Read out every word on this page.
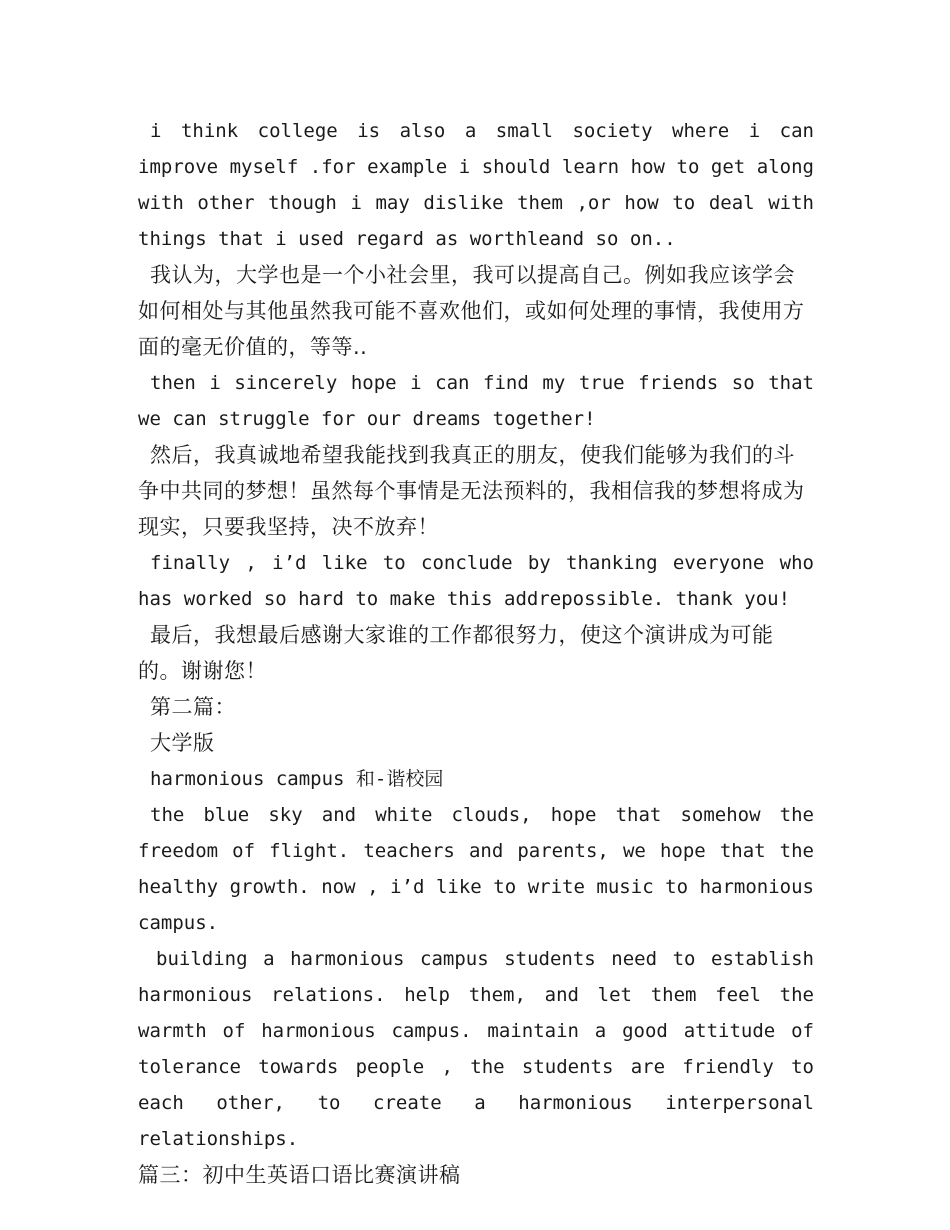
i think college is also a small society where i can improve myself .for example i should learn how to get along with other though i may dislike them ,or how to deal with things that i used regard as worthleand so on..

我认为，大学也是一个小社会里，我可以提高自己。例如我应该学会如何相处与其他虽然我可能不喜欢他们，或如何处理的事情，我使用方面的毫无价值的，等等..

then i sincerely hope i can find my true friends so that we can struggle for our dreams together!

然后，我真诚地希望我能找到我真正的朋友，使我们能够为我们的斗争中共同的梦想！虽然每个事情是无法预料的，我相信我的梦想将成为现实，只要我坚持，决不放弃！

finally , i’d like to conclude by thanking everyone who has worked so hard to make this addrepossible. thank you!

最后，我想最后感谢大家谁的工作都很努力，使这个演讲成为可能的。谢谢您！

第二篇：

大学版

harmonious campus 和-谐校园

the blue sky and white clouds, hope that somehow the freedom of flight. teachers and parents, we hope that the healthy growth. now , i’d like to write music to harmonious campus.

building a harmonious campus students need to establish harmonious relations. help them, and let them feel the warmth of harmonious campus. maintain a good attitude of tolerance towards people , the students are friendly to each other, to create a harmonious interpersonal relationships.

篇三：初中生英语口语比赛演讲稿
